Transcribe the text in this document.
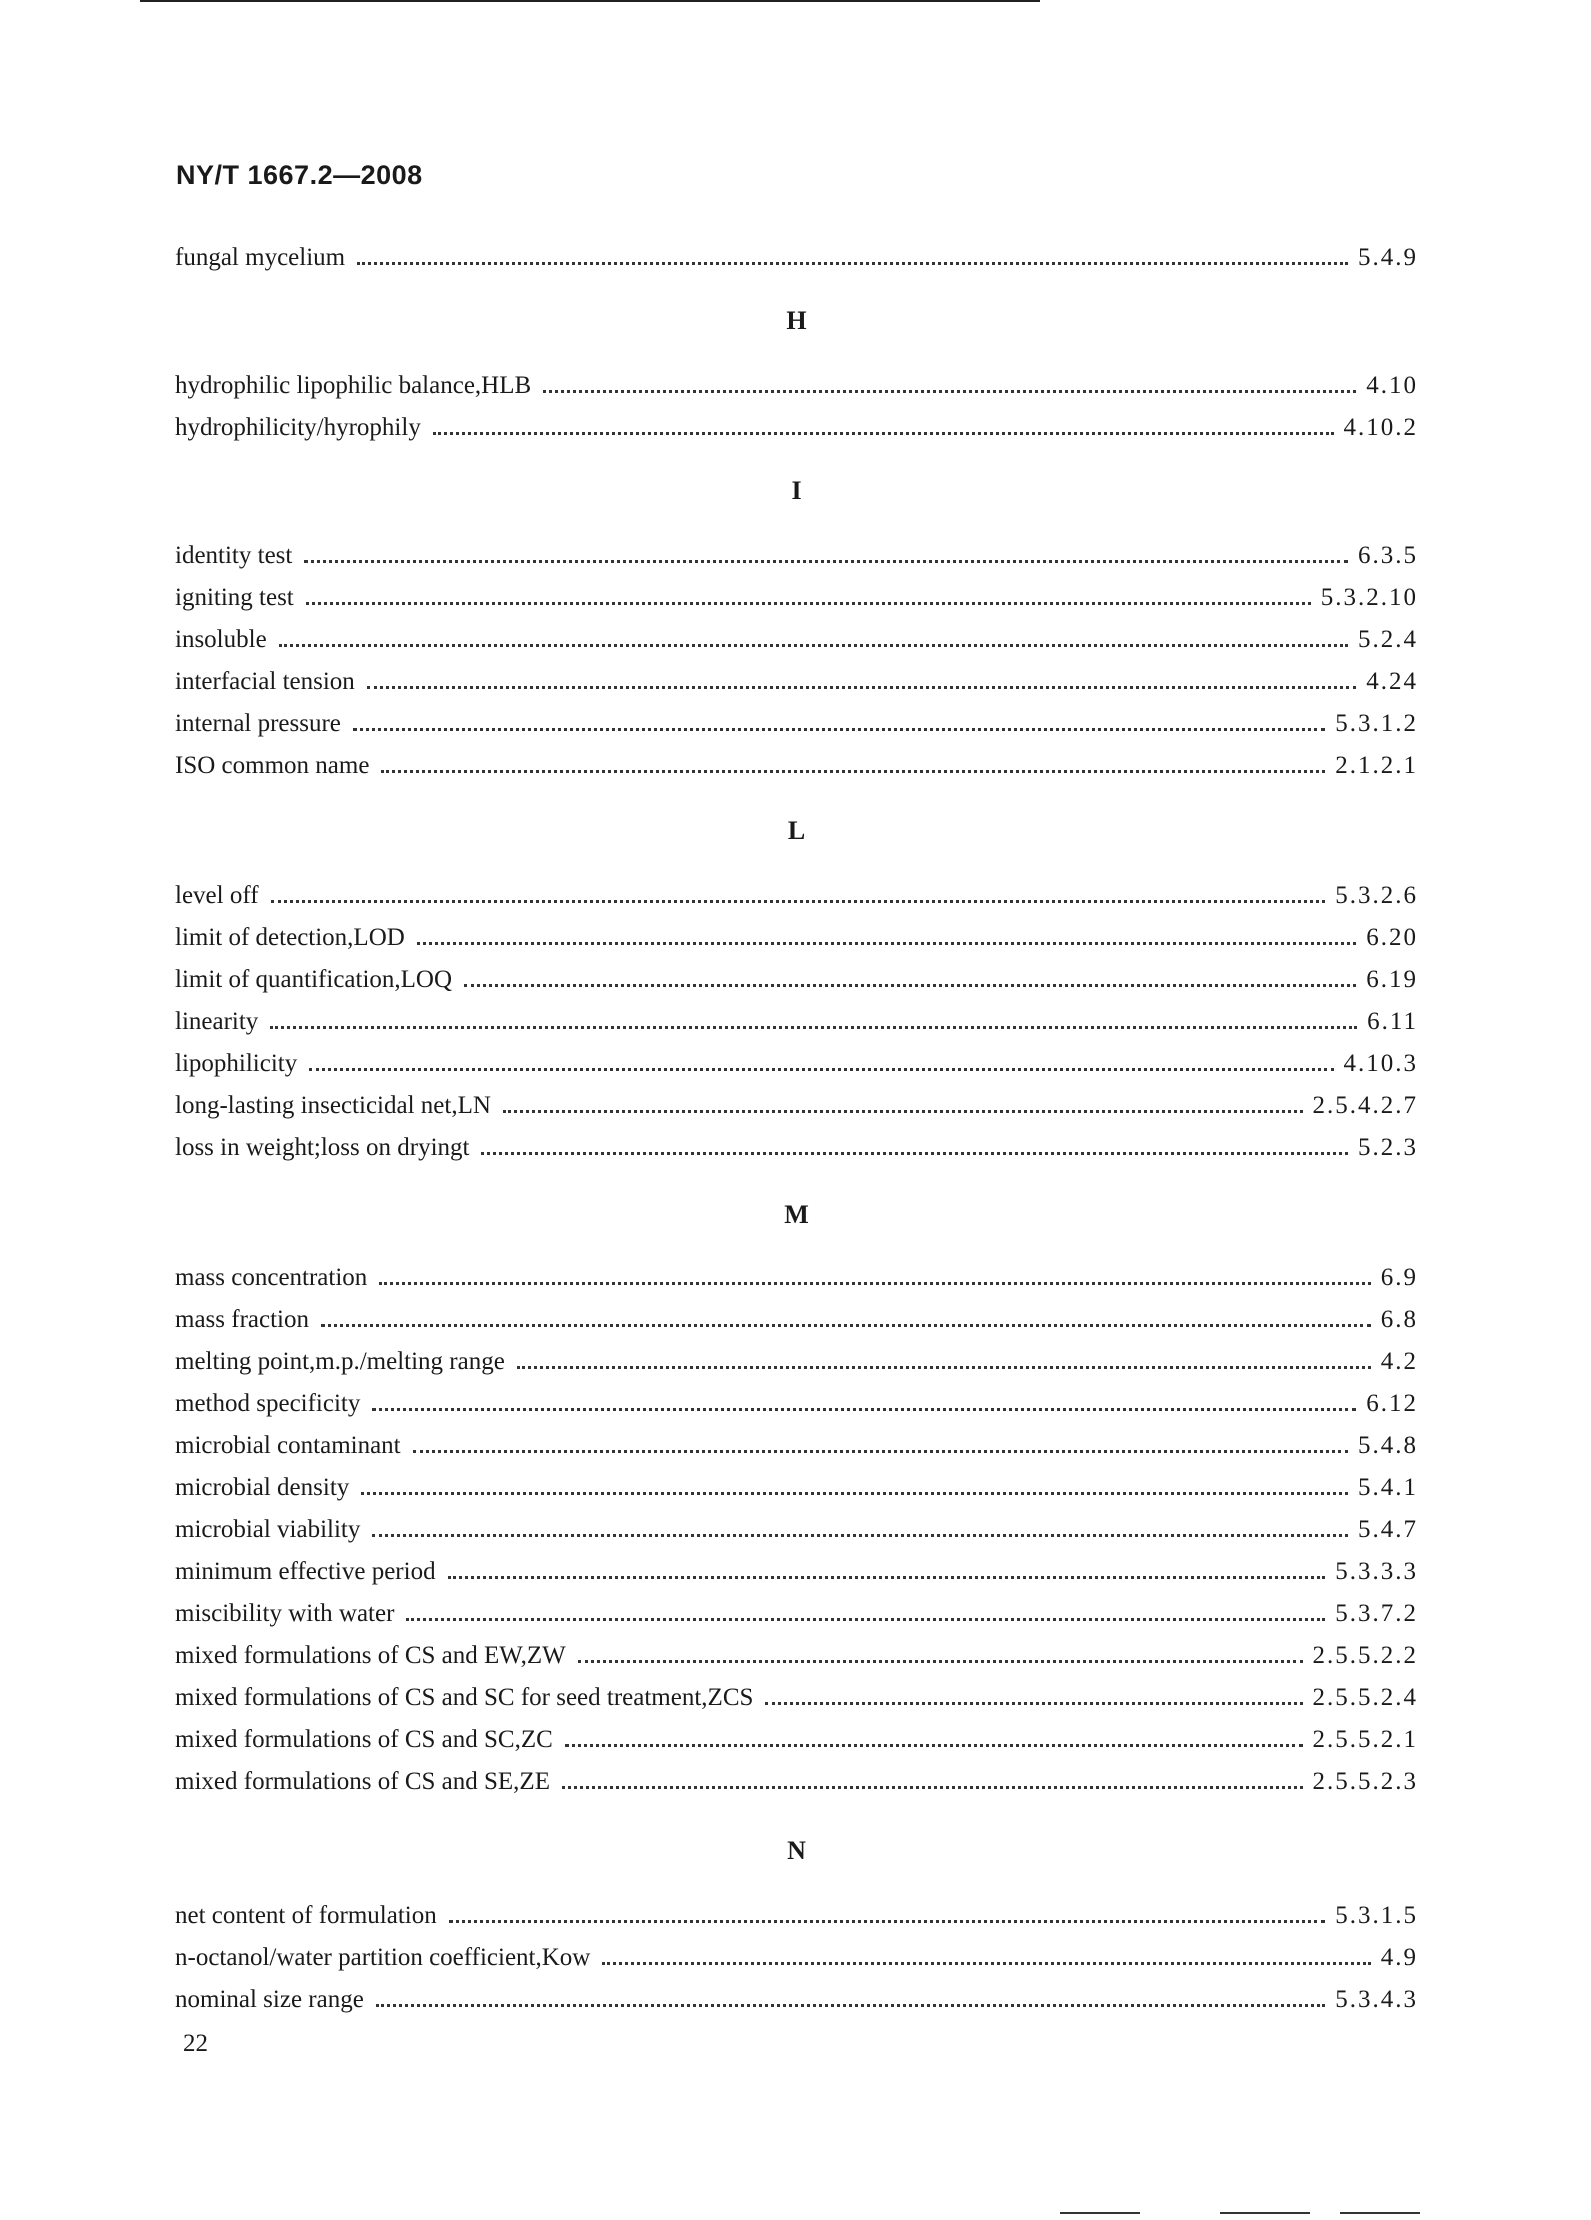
NY/T 1667.2—2008
fungal mycelium	5.4.9
H
hydrophilic lipophilic balance,HLB	4.10
hydrophilicity/hyrophily	4.10.2
I
identity test	6.3.5
igniting test	5.3.2.10
insoluble	5.2.4
interfacial tension	4.24
internal pressure	5.3.1.2
ISO common name	2.1.2.1
L
level off	5.3.2.6
limit of detection,LOD	6.20
limit of quantification,LOQ	6.19
linearity	6.11
lipophilicity	4.10.3
long-lasting insecticidal net,LN	2.5.4.2.7
loss in weight;loss on dryingt	5.2.3
M
mass concentration	6.9
mass fraction	6.8
melting point,m.p./melting range	4.2
method specificity	6.12
microbial contaminant	5.4.8
microbial density	5.4.1
microbial viability	5.4.7
minimum effective period	5.3.3.3
miscibility with water	5.3.7.2
mixed formulations of CS and EW,ZW	2.5.5.2.2
mixed formulations of CS and SC for seed treatment,ZCS	2.5.5.2.4
mixed formulations of CS and SC,ZC	2.5.5.2.1
mixed formulations of CS and SE,ZE	2.5.5.2.3
N
net content of formulation	5.3.1.5
n-octanol/water partition coefficient,Kow	4.9
nominal size range	5.3.4.3
22
